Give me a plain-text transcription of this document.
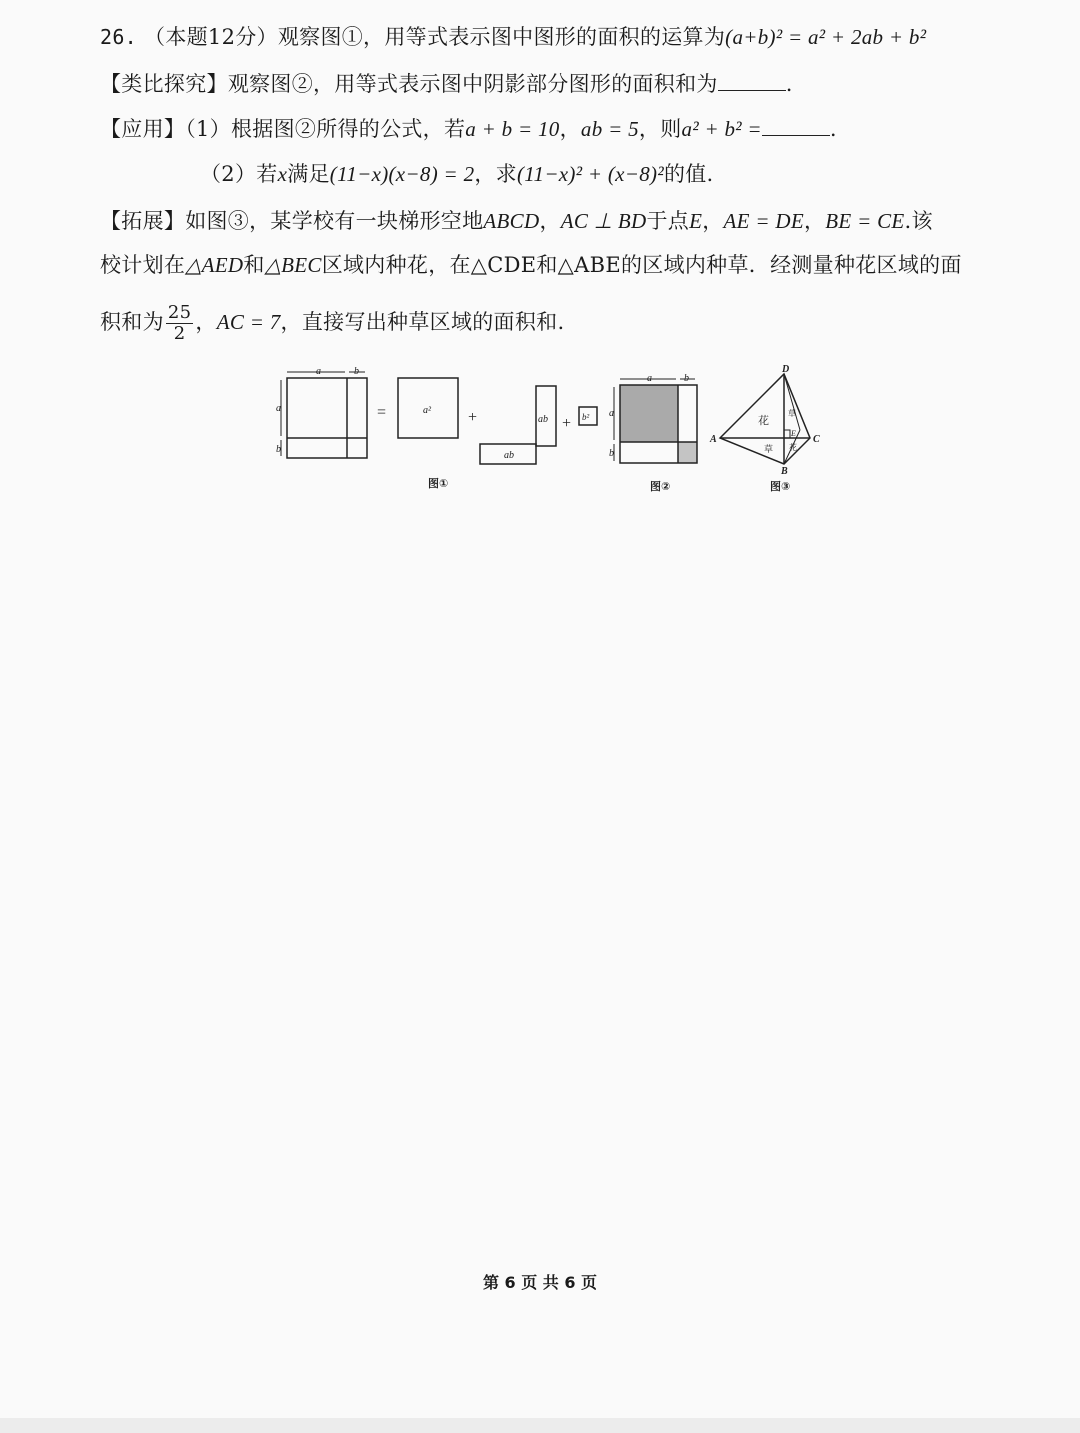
26. （本题12分）观察图①，用等式表示图中图形的面积的运算为(a+b)² = a² + 2ab + b²
【类比探究】观察图②，用等式表示图中阴影部分图形的面积和为	.
【应用】（1）根据图②所得的公式，若a + b = 10，ab = 5，则a² + b² =	.
（2）若x满足(11−x)(x−8) = 2，求(11−x)² + (x−8)²的值.
【拓展】如图③，某学校有一块梯形空地ABCD，AC ⊥ BD于点E，AE = DE，BE = CE.该
校计划在△AED和△BEC区域内种花，在△CDE和△ABE的区域内种草．经测量种花区域的面
积和为 $\frac{25}{2}$ ，AC = 7，直接写出种草区域的面积和.
a	b
a
b
=	a² +	ab
ab
+ b²
图①
a	b
a
b
图②
D
A	C
B
E
花
草
草 花
图③
第 6 页 共 6 页
